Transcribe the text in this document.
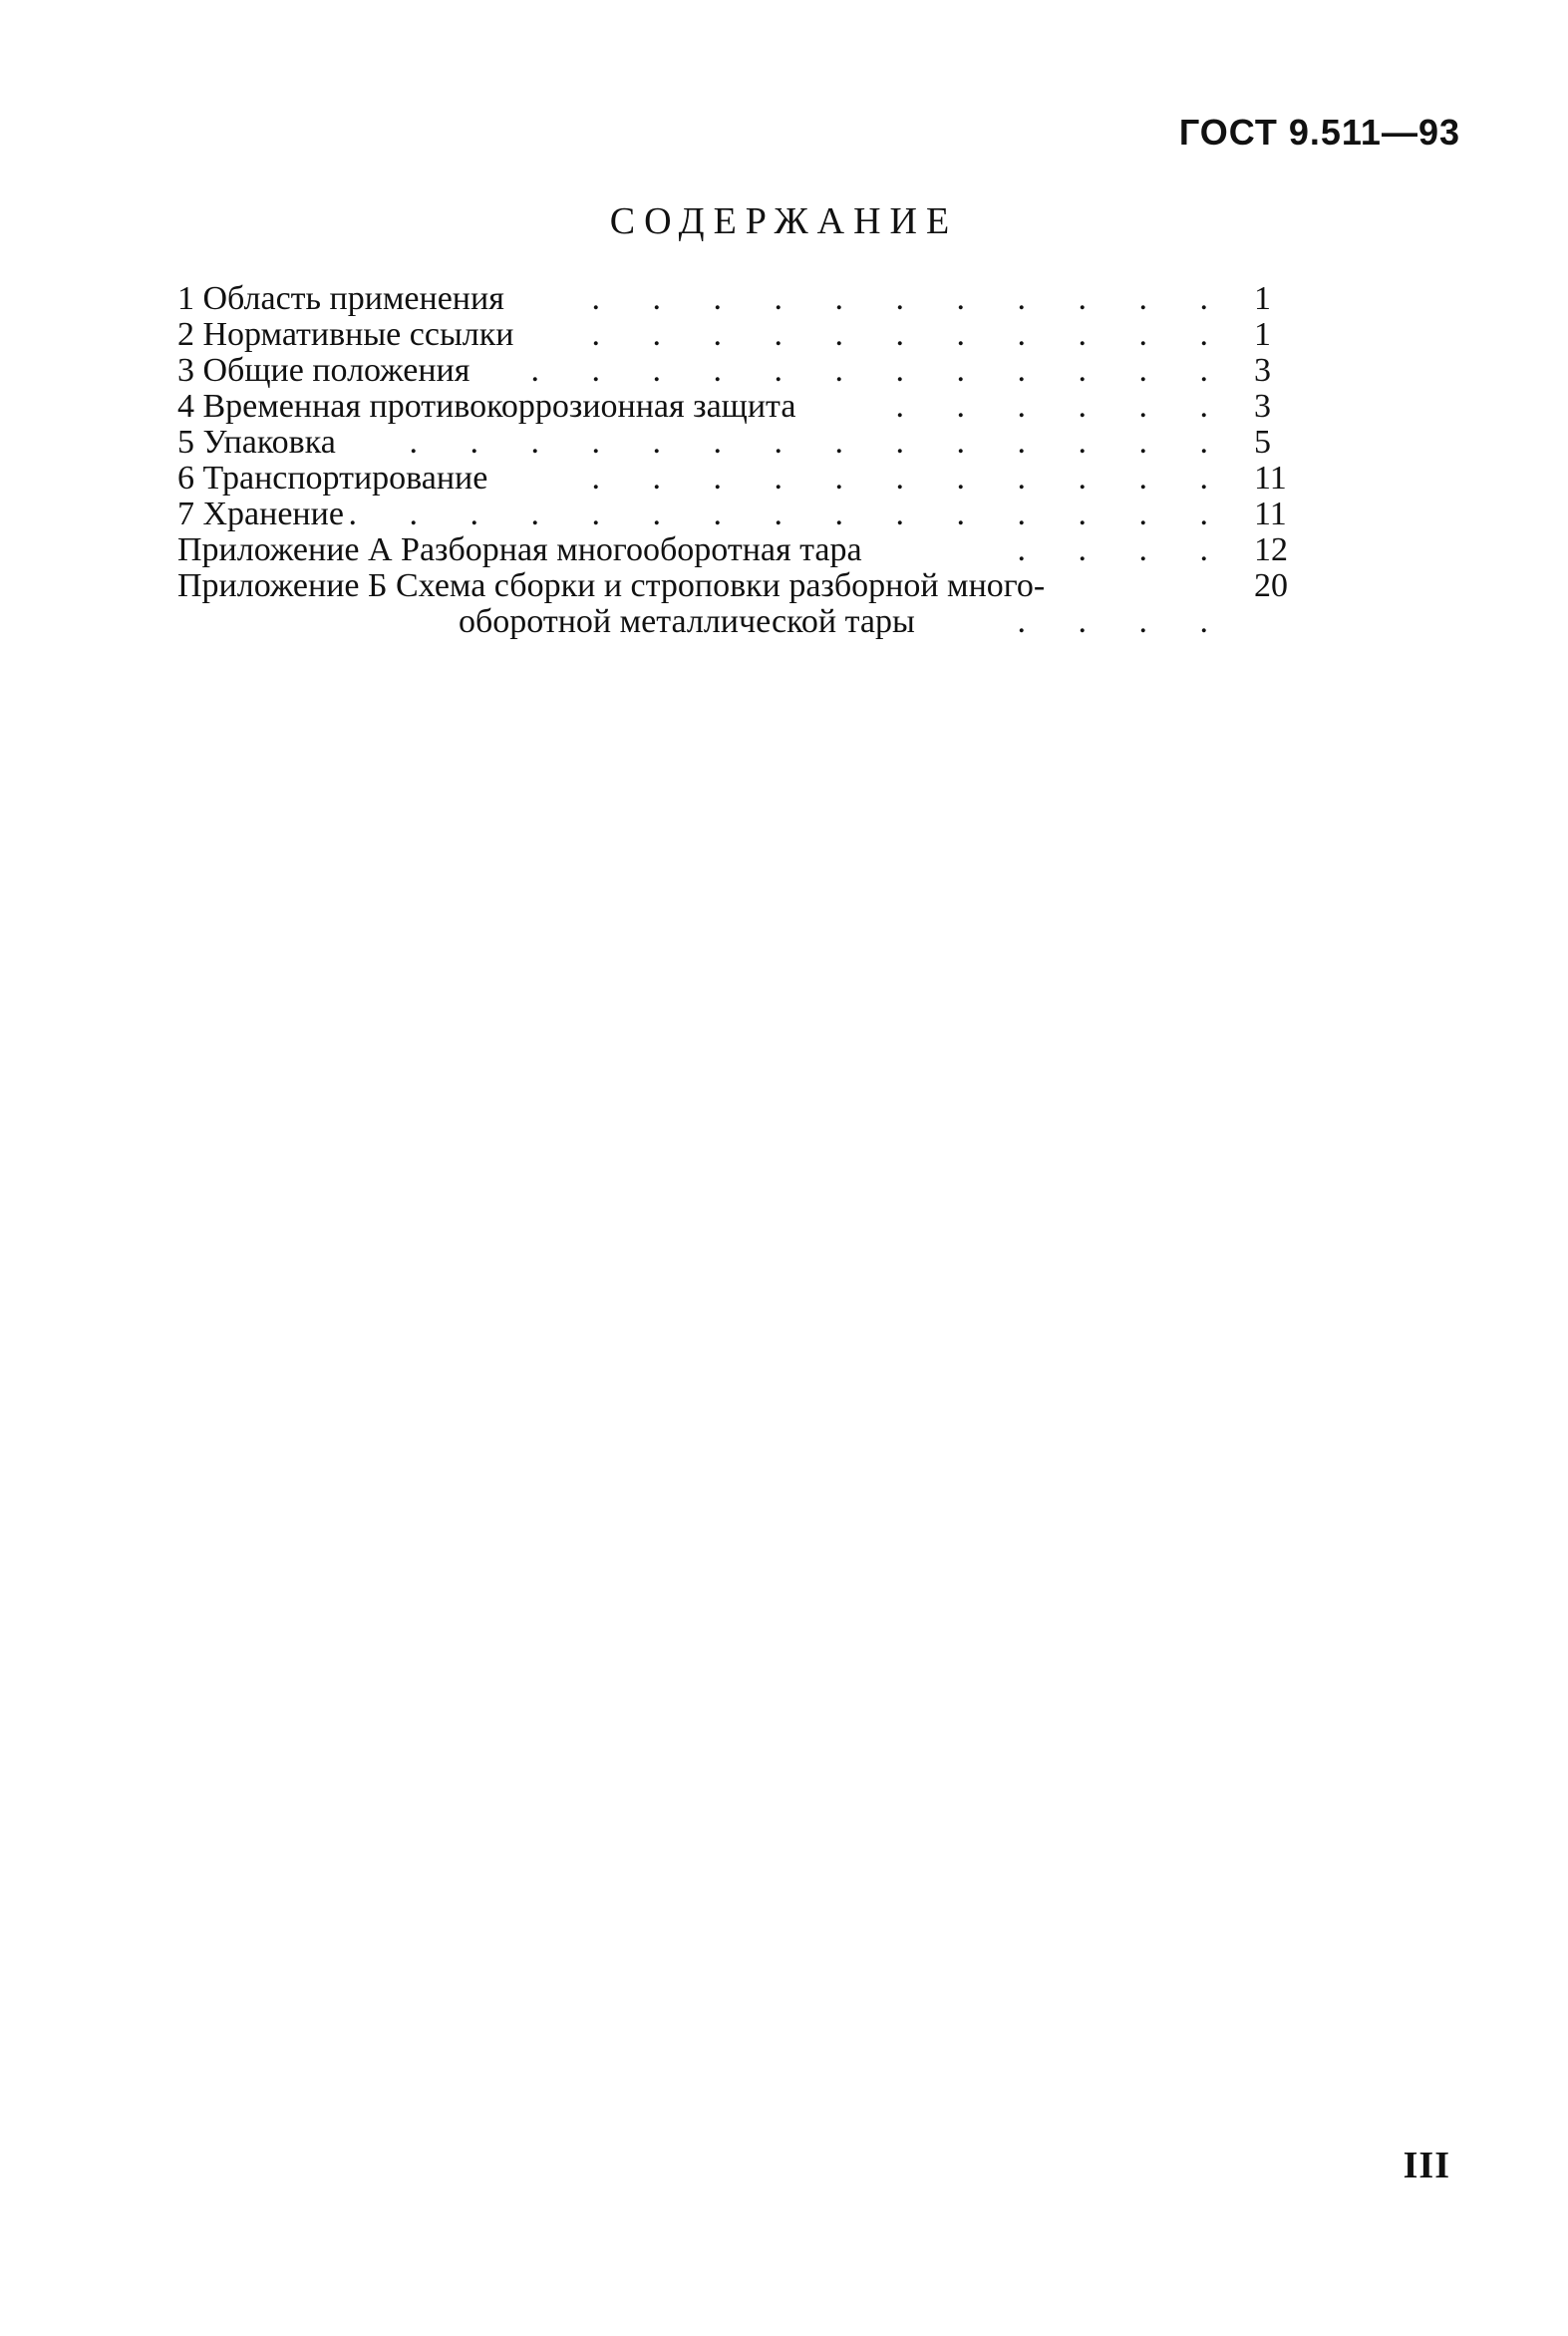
ГОСТ 9.511—93
СОДЕРЖАНИЕ
1 Область применения	. . . . . . . . . . . 1
2 Нормативные ссылки . . . . . . . . . . . 1
3 Общие положения . . . . . . . . . . . . 3
4 Временная противокоррозионная защита	. . . . . . 3
5 Упаковка . . . . . . . . . . . . . . 5
6 Транспортирование	. . . . . . . . . . . 11
7 Хранение . . . . . . . . . . . . . . . 11
Приложение А Разборная многооборотная тара	. . . . 12
Приложение Б Схема сборки и строповки разборной много-	20
оборотной металлической тары	. . . .
III
